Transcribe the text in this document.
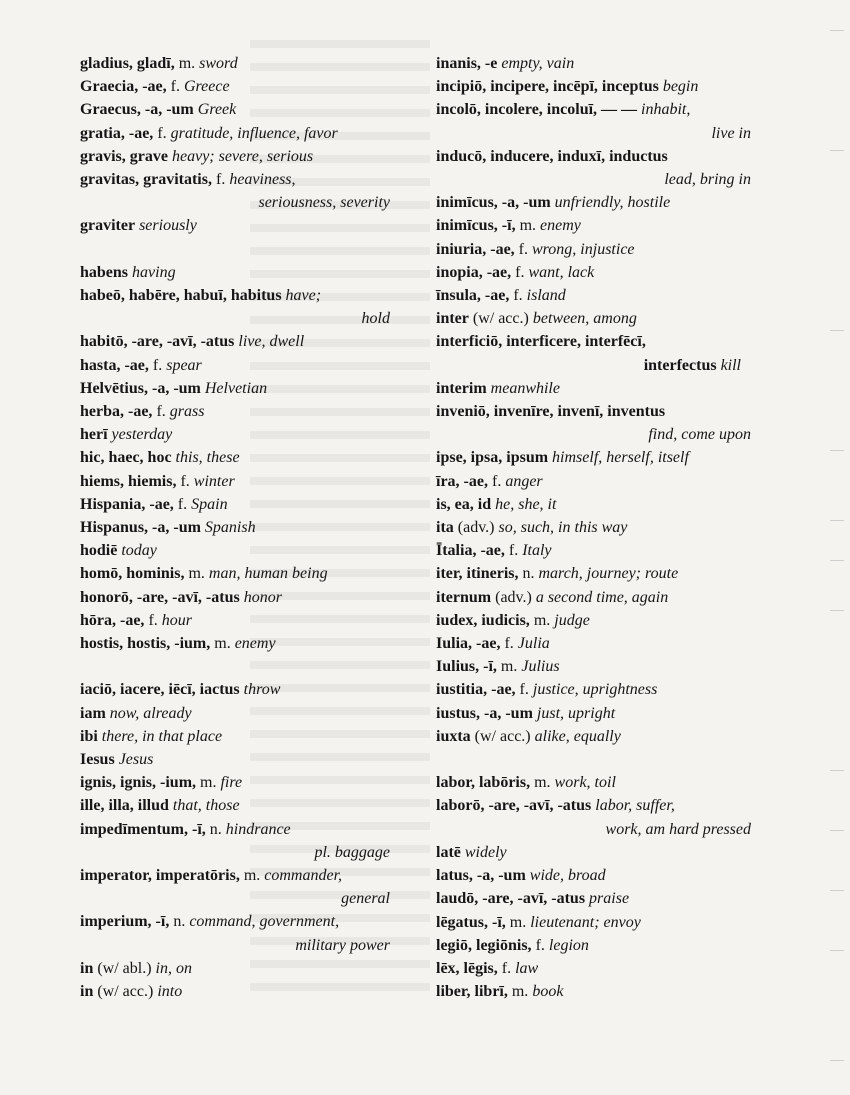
gladius, gladī, m. sword
Graecia, -ae, f. Greece
Graecus, -a, -um Greek
gratia, -ae, f. gratitude, influence, favor
gravis, grave heavy; severe, serious
gravitas, gravitatis, f. heaviness,
seriousness, severity
graviter seriously
habens having
habeō, habēre, habuī, habitus have;
hold
habitō, -are, -avī, -atus live, dwell
hasta, -ae, f. spear
Helvētius, -a, -um Helvetian
herba, -ae, f. grass
herī yesterday
hic, haec, hoc this, these
hiems, hiemis, f. winter
Hispania, -ae, f. Spain
Hispanus, -a, -um Spanish
hodiē today
homō, hominis, m. man, human being
honorō, -are, -avī, -atus honor
hōra, -ae, f. hour
hostis, hostis, -ium, m. enemy
iaciō, iacere, iēcī, iactus throw
iam now, already
ibi there, in that place
Iesus Jesus
ignis, ignis, -ium, m. fire
ille, illa, illud that, those
impedīmentum, -ī, n. hindrance
pl. baggage
imperator, imperatōris, m. commander,
general
imperium, -ī, n. command, government,
military power
in (w/ abl.) in, on
in (w/ acc.) into
inanis, -e empty, vain
incipiō, incipere, incēpī, inceptus begin
incolō, incolere, incoluī, — — inhabit,
live in
inducō, inducere, induxī, inductus
lead, bring in
inimīcus, -a, -um unfriendly, hostile
inimīcus, -ī, m. enemy
iniuria, -ae, f. wrong, injustice
inopia, -ae, f. want, lack
īnsula, -ae, f. island
inter (w/ acc.) between, among
interficiō, interficere, interfēcī,
interfectus kill
interim meanwhile
inveniō, invenīre, invenī, inventus
find, come upon
ipse, ipsa, ipsum himself, herself, itself
īra, -ae, f. anger
is, ea, id he, she, it
ita (adv.) so, such, in this way
Ītalia, -ae, f. Italy
iter, itineris, n. march, journey; route
iternum (adv.) a second time, again
iudex, iudicis, m. judge
Iulia, -ae, f. Julia
Iulius, -ī, m. Julius
iustitia, -ae, f. justice, uprightness
iustus, -a, -um just, upright
iuxta (w/ acc.) alike, equally
labor, labōris, m. work, toil
laborō, -are, -avī, -atus labor, suffer,
work, am hard pressed
latē widely
latus, -a, -um wide, broad
laudō, -are, -avī, -atus praise
lēgatus, -ī, m. lieutenant; envoy
legiō, legiōnis, f. legion
lēx, lēgis, f. law
liber, librī, m. book
